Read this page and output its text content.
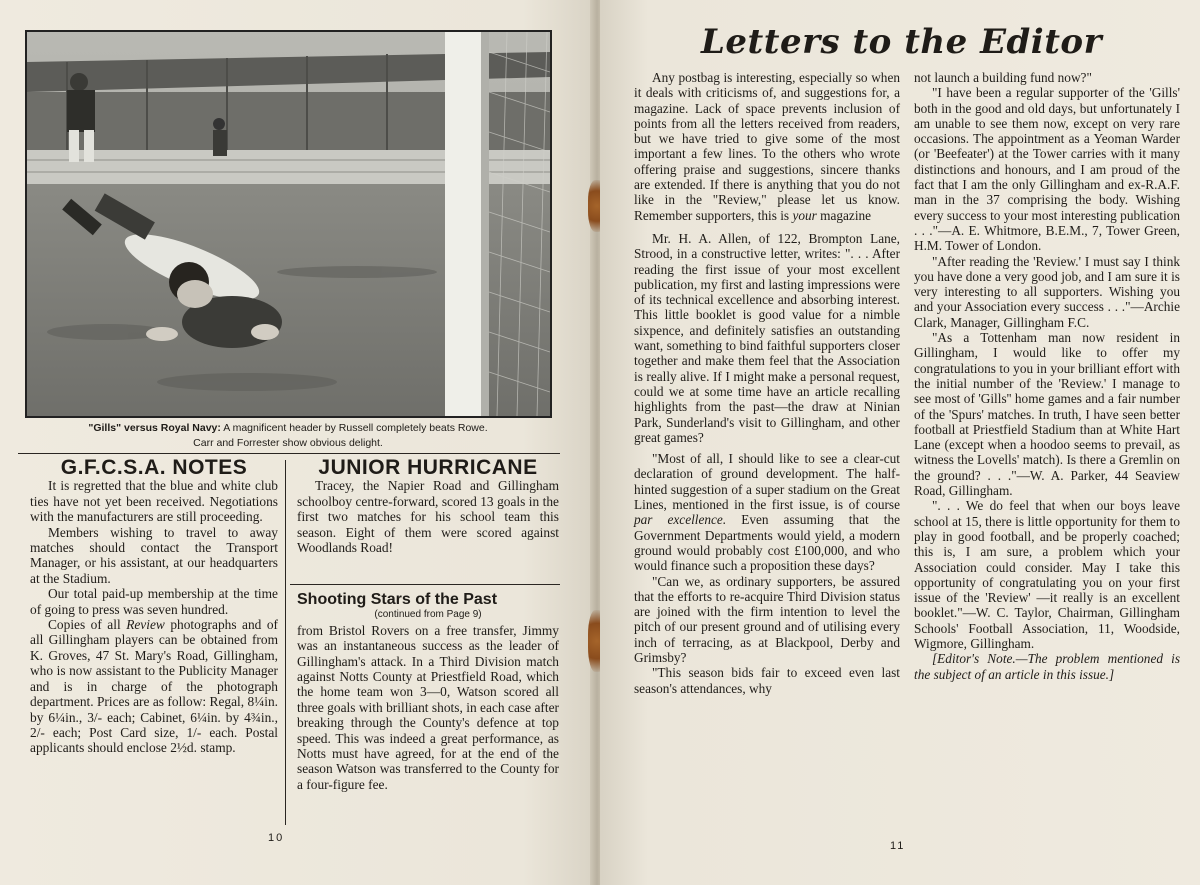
"Gills" versus Royal Navy: A magnificent header by Russell completely beats Rowe.
Carr and Forrester show obvious delight.
G.F.C.S.A. NOTES

It is regretted that the blue and white club ties have not yet been received. Negotiations with the manufacturers are still proceeding.

Members wishing to travel to away matches should contact the Transport Manager, or his assistant, at our headquarters at the Stadium.

Our total paid-up membership at the time of going to press was seven hundred.

Copies of all Review photographs and of all Gillingham players can be obtained from K. Groves, 47 St. Mary's Road, Gillingham, who is now assistant to the Publicity Manager and is in charge of the photograph department. Prices are as follow: Regal, 8¼in. by 6¼in., 3/- each; Cabinet, 6¼in. by 4¾in., 2/- each; Post Card size, 1/- each. Postal applicants should enclose 2½d. stamp.

JUNIOR HURRICANE

Tracey, the Napier Road and Gillingham schoolboy centre-forward, scored 13 goals in the first two matches for his school team this season. Eight of them were scored against Woodlands Road!

Shooting Stars of the Past
(continued from Page 9)
from Bristol Rovers on a free transfer, Jimmy was an instantaneous success as the leader of Gillingham's attack. In a Third Division match against Notts County at Priestfield Road, which the home team won 3—0, Watson scored all three goals with brilliant shots, in each case after breaking through the County's defence at top speed. This was indeed a great performance, as Notts must have agreed, for at the end of the season Watson was transferred to the County for a four-figure fee.
10
Letters to the Editor

Any postbag is interesting, especially so when it deals with criticisms of, and suggestions for, a magazine. Lack of space prevents inclusion of points from all the letters received from readers, but we have tried to give some of the most important a few lines. To the others who wrote offering praise and suggestions, sincere thanks are extended. If there is anything that you do not like in the "Review," please let us know. Remember supporters, this is your magazine

Mr. H. A. Allen, of 122, Brompton Lane, Strood, in a constructive letter, writes: ". . . After reading the first issue of your most excellent publication, my first and lasting impressions were of its technical excellence and absorbing interest. This little booklet is good value for a nimble sixpence, and definitely satisfies an outstanding want, something to bind faithful supporters closer together and make them feel that the Association is really alive. If I might make a personal request, could we at some time have an article recalling highlights from the past—the draw at Ninian Park, Sunderland's visit to Gillingham, and other great games?

"Most of all, I should like to see a clear-cut declaration of ground development. The half-hinted suggestion of a super stadium on the Great Lines, mentioned in the first issue, is of course par excellence. Even assuming that the Government Departments would yield, a modern ground would probably cost £100,000, and who would finance such a proposition these days?

"Can we, as ordinary supporters, be assured that the efforts to re-acquire Third Division status are joined with the firm intention to level the pitch of our present ground and of utilising every inch of terracing, as at Blackpool, Derby and Grimsby?

"This season bids fair to exceed even last season's attendances, why

not launch a building fund now?"

"I have been a regular supporter of the 'Gills' both in the good and old days, but unfortunately I am unable to see them now, except on very rare occasions. The appointment as a Yeoman Warder (or 'Beefeater') at the Tower carries with it many distinctions and honours, and I am proud of the fact that I am the only Gillingham and ex-R.A.F. man in the 37 comprising the body. Wishing every success to your most interesting publication . . ."—A. E. Whitmore, B.E.M., 7, Tower Green, H.M. Tower of London.

"After reading the 'Review.' I must say I think you have done a very good job, and I am sure it is very interesting to all supporters. Wishing you and your Association every success . . ."—Archie Clark, Manager, Gillingham F.C.

"As a Tottenham man now resident in Gillingham, I would like to offer my congratulations to you in your brilliant effort with the initial number of the 'Review.' I manage to see most of 'Gills'' home games and a fair number of the 'Spurs' matches. In truth, I have seen better football at Priestfield Stadium than at White Hart Lane (except when a hoodoo seems to prevail, as witness the Lovells' match). Is there a Gremlin on the ground? . . ."—W. A. Parker, 44 Seaview Road, Gillingham.

". . . We do feel that when our boys leave school at 15, there is little opportunity for them to play in good football, and be properly coached; this is, I am sure, a problem which your Association could consider. May I take this opportunity of congratulating you on your first issue of the 'Review' —it really is an excellent booklet."—W. C. Taylor, Chairman, Gillingham Schools' Football Association, 11, Woodside, Wigmore, Gillingham.

[Editor's Note.—The problem mentioned is the subject of an article in this issue.]

11
